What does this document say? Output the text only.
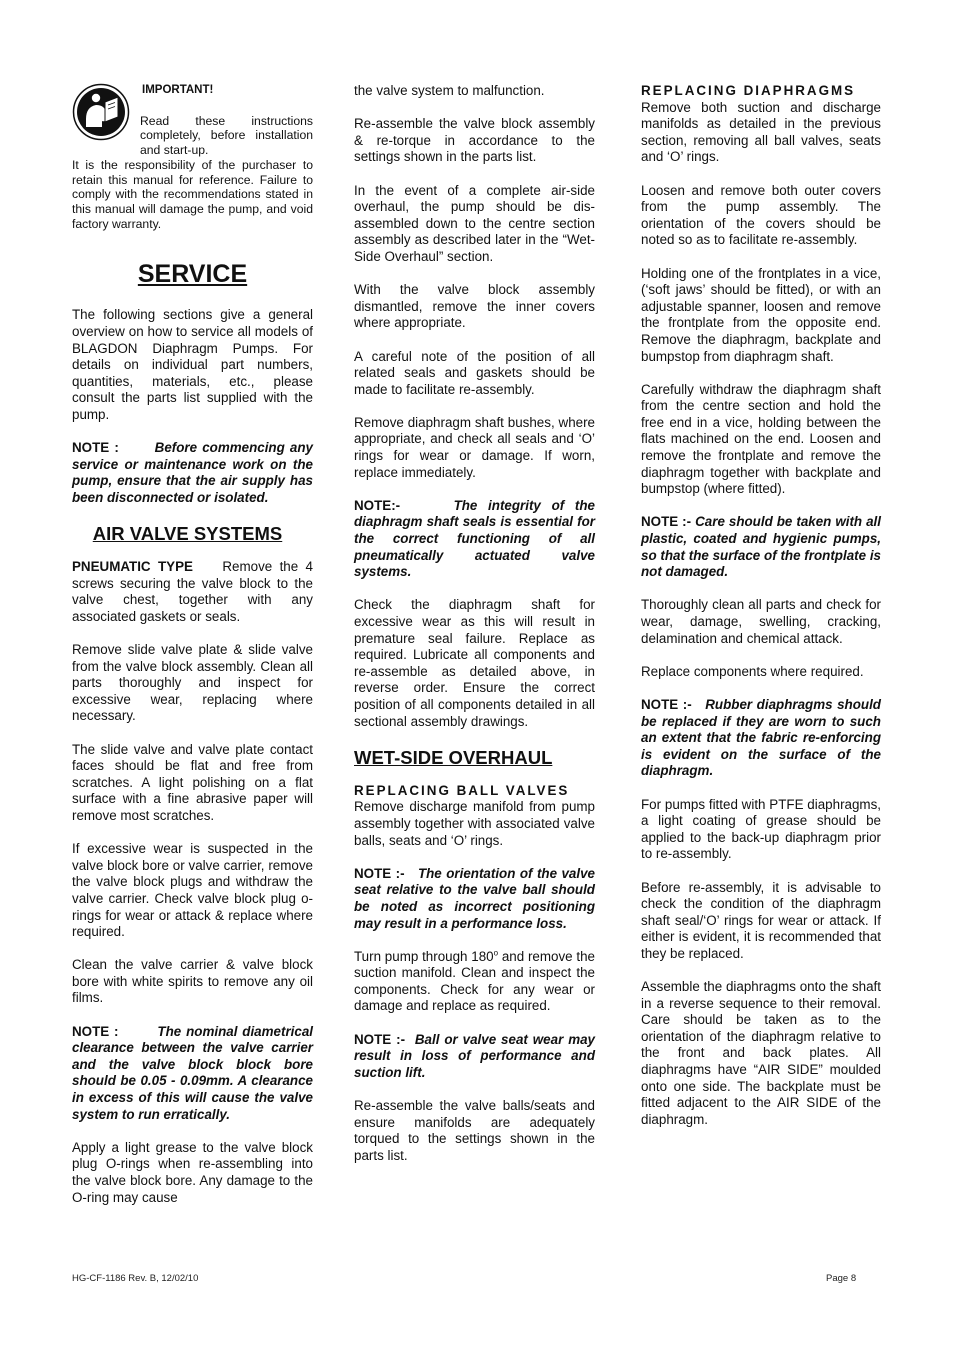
IMPORTANT!
Read these instructions completely, before installation and start-up.
It is the responsibility of the purchaser to retain this manual for reference. Failure to comply with the recommendations stated in this manual will damage the pump, and void factory warranty.
SERVICE

The following sections give a general overview on how to service all models of BLAGDON Diaphragm Pumps. For details on individual part numbers, quantities, materials, etc., please consult the parts list supplied with the pump.

NOTE :	Before commencing any service or maintenance work on the pump, ensure that the air supply has been disconnected or isolated.

AIR VALVE SYSTEMS

PNEUMATIC TYPE Remove the 4 screws securing the valve block to the valve chest, together with any associated gaskets or seals.

Remove slide valve plate & slide valve from the valve block assembly. Clean all parts thoroughly and inspect for excessive wear, replacing where necessary.

The slide valve and valve plate contact faces should be flat and free from scratches. A light polishing on a flat surface with a fine abrasive paper will remove most scratches.

If excessive wear is suspected in the valve block bore or valve carrier, remove the valve block plugs and withdraw the valve carrier. Check valve block plug o-rings for wear or attack & replace where required.

Clean the valve carrier & valve block bore with white spirits to remove any oil films.

NOTE :	The nominal diametrical clearance between the valve carrier and the valve block block bore should be 0.05 - 0.09mm. A clearance in excess of this will cause the valve system to run erratically.

Apply a light grease to the valve block plug O-rings when re-assembling into the valve block bore. Any damage to the O-ring may cause

the valve system to malfunction.

Re-assemble the valve block assembly & re-torque in accordance to the settings shown in the parts list.

In the event of a complete air-side overhaul, the pump should be dis-assembled down to the centre section assembly as described later in the “Wet-Side Overhaul” section.

With the valve block assembly dismantled, remove the inner covers where appropriate.

A careful note of the position of all related seals and gaskets should be made to facilitate re-assembly.

Remove diaphragm shaft bushes, where appropriate, and check all seals and ‘O’ rings for wear or damage. If worn, replace immediately.

NOTE:-	The integrity of the diaphragm shaft seals is essential for the correct functioning of all pneumatically actuated valve systems.

Check the diaphragm shaft for excessive wear as this will result in premature seal failure. Replace as required. Lubricate all components and re-assemble as detailed above, in reverse order. Ensure the correct position of all components detailed in all sectional assembly drawings.

WET-SIDE OVERHAUL

REPLACING BALL VALVES
Remove discharge manifold from pump assembly together with associated valve balls, seats and ‘O’ rings.

NOTE :- The orientation of the valve seat relative to the valve ball should be noted as incorrect positioning may result in a performance loss.

Turn pump through 180$^o$ and remove the suction manifold. Clean and inspect the components. Check for any wear or damage and replace as required.

NOTE :- Ball or valve seat wear may result in loss of performance and suction lift.

Re-assemble the valve balls/seats and ensure manifolds are adequately torqued to the settings shown in the parts list.

REPLACING DIAPHRAGMS
Remove both suction and discharge manifolds as detailed in the previous section, removing all ball valves, seats and ‘O’ rings.

Loosen and remove both outer covers from the pump assembly. The orientation of the covers should be noted so as to facilitate re-assembly.

Holding one of the frontplates in a vice, (‘soft jaws’ should be fitted), or with an adjustable spanner, loosen and remove the frontplate from the opposite end. Remove the diaphragm, backplate and bumpstop from diaphragm shaft.

Carefully withdraw the diaphragm shaft from the centre section and hold the free end in a vice, holding between the flats machined on the end. Loosen and remove the frontplate and remove the diaphragm together with backplate and bumpstop (where fitted).

NOTE :- Care should be taken with all plastic, coated and hygienic pumps, so that the surface of the frontplate is not damaged.

Thoroughly clean all parts and check for wear, damage, swelling, cracking, delamination and chemical attack.

Replace components where required.

NOTE :- Rubber diaphragms should be replaced if they are worn to such an extent that the fabric re-enforcing is evident on the surface of the diaphragm.

For pumps fitted with PTFE diaphragms, a light coating of grease should be applied to the back-up diaphragm prior to re-assembly.

Before re-assembly, it is advisable to check the condition of the diaphragm shaft seal/‘O’ rings for wear or attack. If either is evident, it is recommended that they be replaced.

Assemble the diaphragms onto the shaft in a reverse sequence to their removal. Care should be taken as to the orientation of the diaphragm relative to the front and back plates. All diaphragms have “AIR SIDE” moulded onto one side. The backplate must be fitted adjacent to the AIR SIDE of the diaphragm.

HG-CF-1186 Rev. B, 12/02/10	Page 8
